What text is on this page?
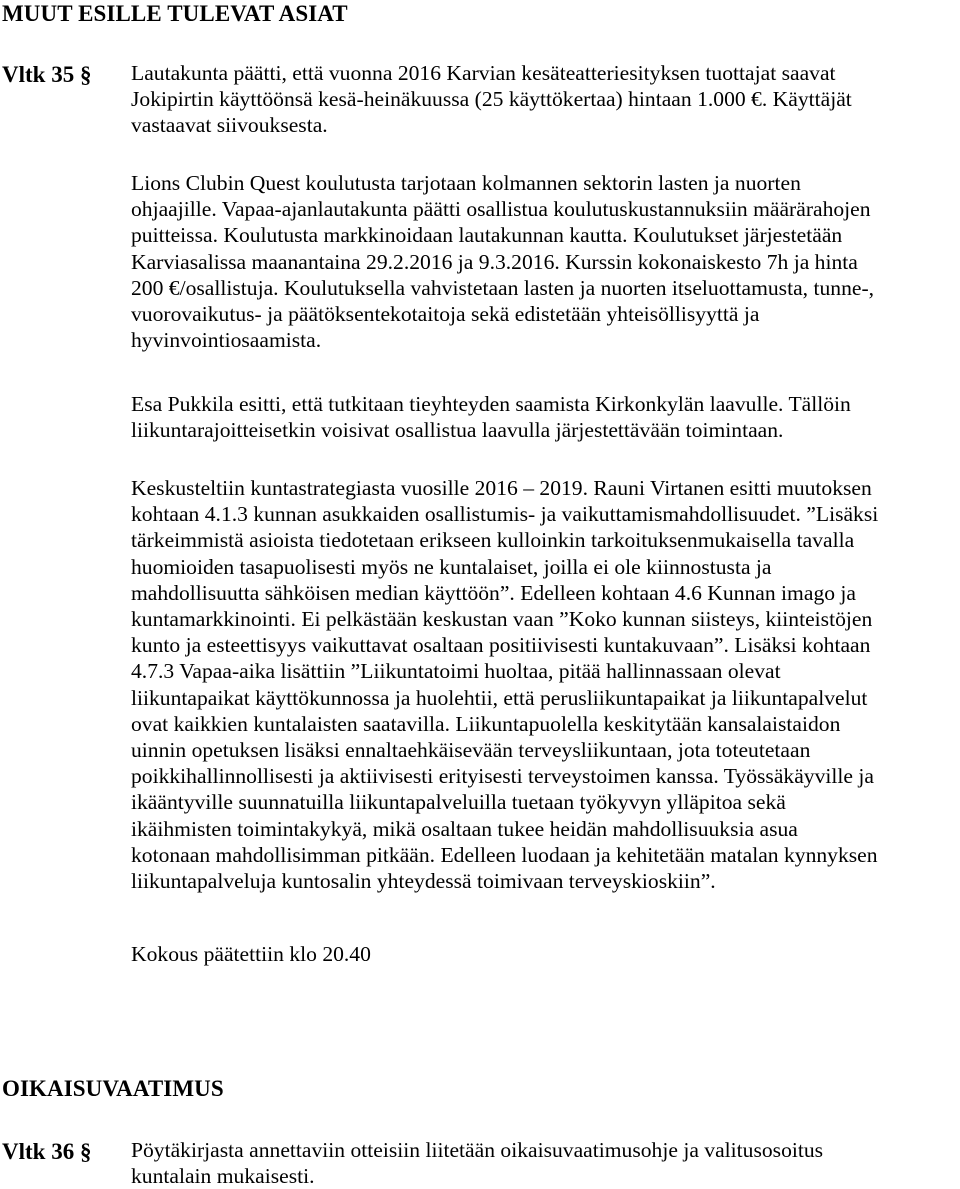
MUUT ESILLE TULEVAT ASIAT
Vltk 35 § Lautakunta päätti, että vuonna 2016 Karvian kesäteatteriesityksen tuottajat saavat
Jokipirtin käyttöönsä kesä-heinäkuussa (25 käyttökertaa) hintaan 1.000 €. Käyttäjät
vastaavat siivouksesta.

Lions Clubin Quest koulutusta tarjotaan kolmannen sektorin lasten ja nuorten
ohjaajille. Vapaa-ajanlautakunta päätti osallistua koulutuskustannuksiin määrärahojen
puitteissa. Koulutusta markkinoidaan lautakunnan kautta. Koulutukset järjestetään
Karviasalissa maanantaina 29.2.2016 ja 9.3.2016. Kurssin kokonaiskesto 7h ja hinta
200 €/osallistuja. Koulutuksella vahvistetaan lasten ja nuorten itseluottamusta, tunne-,
vuorovaikutus- ja päätöksentekotaitoja sekä edistetään yhteisöllisyyttä ja
hyvinvointiosaamista.

Esa Pukkila esitti, että tutkitaan tieyhteyden saamista Kirkonkylän laavulle. Tällöin
liikuntarajoitteisetkin voisivat osallistua laavulla järjestettävään toimintaan.

Keskusteltiin kuntastrategiasta vuosille 2016 – 2019. Rauni Virtanen esitti muutoksen
kohtaan 4.1.3 kunnan asukkaiden osallistumis- ja vaikuttamismahdollisuudet. ”Lisäksi
tärkeimmistä asioista tiedotetaan erikseen kulloinkin tarkoituksenmukaisella tavalla
huomioiden tasapuolisesti myös ne kuntalaiset, joilla ei ole kiinnostusta ja
mahdollisuutta sähköisen median käyttöön”. Edelleen kohtaan 4.6 Kunnan imago ja
kuntamarkkinointi. Ei pelkästään keskustan vaan ”Koko kunnan siisteys, kiinteistöjen
kunto ja esteettisyys vaikuttavat osaltaan positiivisesti kuntakuvaan”. Lisäksi kohtaan
4.7.3 Vapaa-aika lisättiin ”Liikuntatoimi huoltaa, pitää hallinnassaan olevat
liikuntapaikat käyttökunnossa ja huolehtii, että perusliikuntapaikat ja liikuntapalvelut
ovat kaikkien kuntalaisten saatavilla. Liikuntapuolella keskitytään kansalaistaidon
uinnin opetuksen lisäksi ennaltaehkäisevään terveysliikuntaan, jota toteutetaan
poikkihallinnollisesti ja aktiivisesti erityisesti terveystoimen kanssa. Työssäkäyville ja
ikääntyville suunnatuilla liikuntapalveluilla tuetaan työkyvyn ylläpitoa sekä
ikäihmisten toimintakykyä, mikä osaltaan tukee heidän mahdollisuuksia asua
kotonaan mahdollisimman pitkään. Edelleen luodaan ja kehitetään matalan kynnyksen
liikuntapalveluja kuntosalin yhteydessä toimivaan terveyskioskiin”.

Kokous päätettiin klo 20.40

OIKAISUVAATIMUS
Vltk 36 § Pöytäkirjasta annettaviin otteisiin liitetään oikaisuvaatimusohje ja valitusosoitus
kuntalain mukaisesti.
